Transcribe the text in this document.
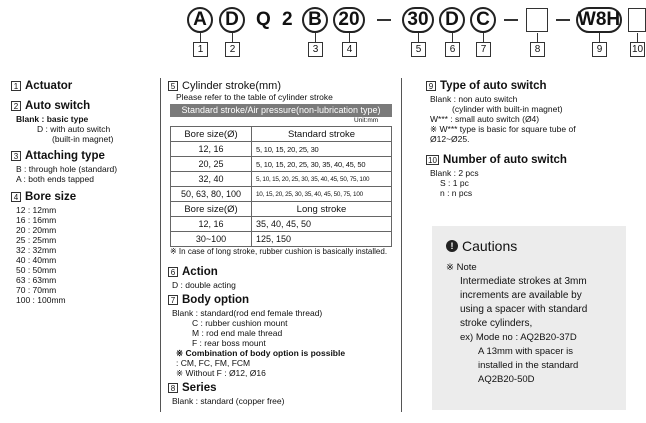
A D Q 2 B 20	30 D C	W8H
1	2	3	4	5	6	7	8	9	10
1 Actuator
2 Auto switch
Blank : basic type
D : with auto switch
(built-in magnet)
3 Attaching type
B : through hole (standard)
A : both ends tapped
4 Bore size
12 : 12mm
16 : 16mm
20 : 20mm
25 : 25mm
32 : 32mm
40 : 40mm
50 : 50mm
63 : 63mm
70 : 70mm
100 : 100mm
5 Cylinder stroke(mm)
Please refer to the table of cylinder stroke
Standard stroke/Air pressure(non-lubrication type)
Unit:mm
Bore size(Ø)	Standard stroke
12, 16	5, 10, 15, 20, 25, 30
20, 25	5, 10, 15, 20, 25, 30, 35, 40, 45, 50
32, 40	5, 10, 15, 20, 25, 30, 35, 40, 45, 50, 75, 100
50, 63, 80, 100	10, 15, 20, 25, 30, 35, 40, 45, 50, 75, 100
Bore size(Ø)	Long stroke
12, 16	35, 40, 45, 50
30~100	125, 150
※ In case of long stroke, rubber cushion is basically installed.
6 Action
D : double acting
7 Body option
Blank : standard(rod end female thread)
C : rubber cushion mount
M : rod end male thread
F : rear boss mount
※ Combination of body option is possible
: CM, FC, FM, FCM
※ Without F : Ø12, Ø16
8 Series
Blank : standard (copper free)
9 Type of auto switch
Blank : non auto switch
(cylinder with built-in magnet)
W*** : small auto switch (Ø4)
※ W*** type is basic for square tube of
Ø12~Ø25.
10 Number of auto switch
Blank : 2 pcs
S : 1 pc
n : n pcs
! Cautions
※ Note
Intermediate strokes at 3mm
increments are available by
using a spacer with standard
stroke cylinders,
ex) Mode no : AQ2B20-37D
A 13mm with spacer is
installed in the standard
AQ2B20-50D
